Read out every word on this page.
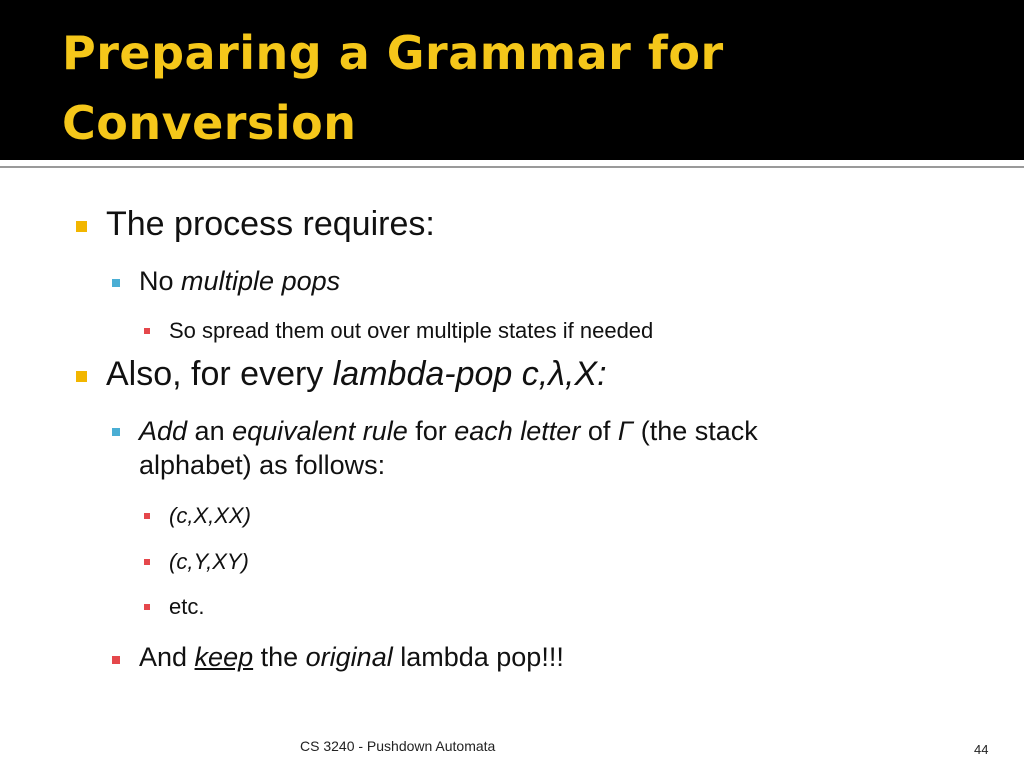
Preparing a Grammar for
Conversion
The process requires:
No multiple pops
So spread them out over multiple states if needed
Also, for every lambda-pop c,λ,X:
Add an equivalent rule for each letter of Γ (the stack
alphabet) as follows:
(c,X,XX)
(c,Y,XY)
etc.
And keep the original lambda pop!!!
CS 3240 - Pushdown Automata	44
